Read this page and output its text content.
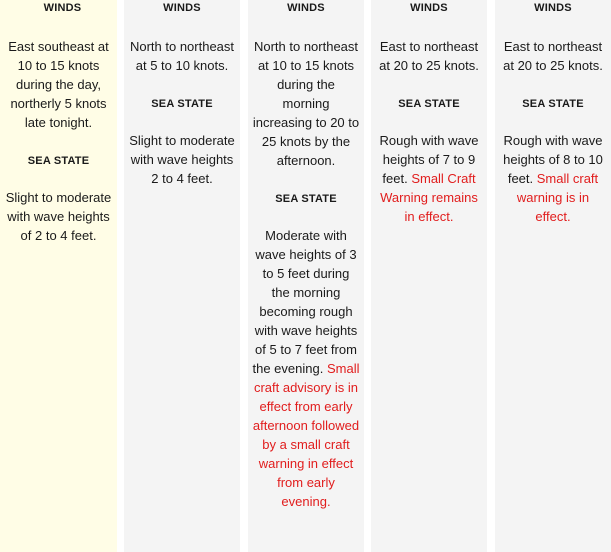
WINDS

East southeast at 10 to 15 knots during the day, northerly 5 knots late tonight.

SEA STATE

Slight to moderate with wave heights of 2 to 4 feet.

WINDS

North to northeast at 5 to 10 knots.

SEA STATE

Slight to moderate with wave heights 2 to 4 feet.

WINDS

North to northeast at 10 to 15 knots during the morning increasing to 20 to 25 knots by the afternoon.

SEA STATE

Moderate with wave heights of 3 to 5 feet during the morning becoming rough with wave heights of 5 to 7 feet from the evening. Small craft advisory is in effect from early afternoon followed by a small craft warning in effect from early evening.

WINDS

East to northeast at 20 to 25 knots.

SEA STATE

Rough with wave heights of 7 to 9 feet. Small Craft Warning remains in effect.

WINDS

East to northeast at 20 to 25 knots.

SEA STATE

Rough with wave heights of 8 to 10 feet. Small craft warning is in effect.
